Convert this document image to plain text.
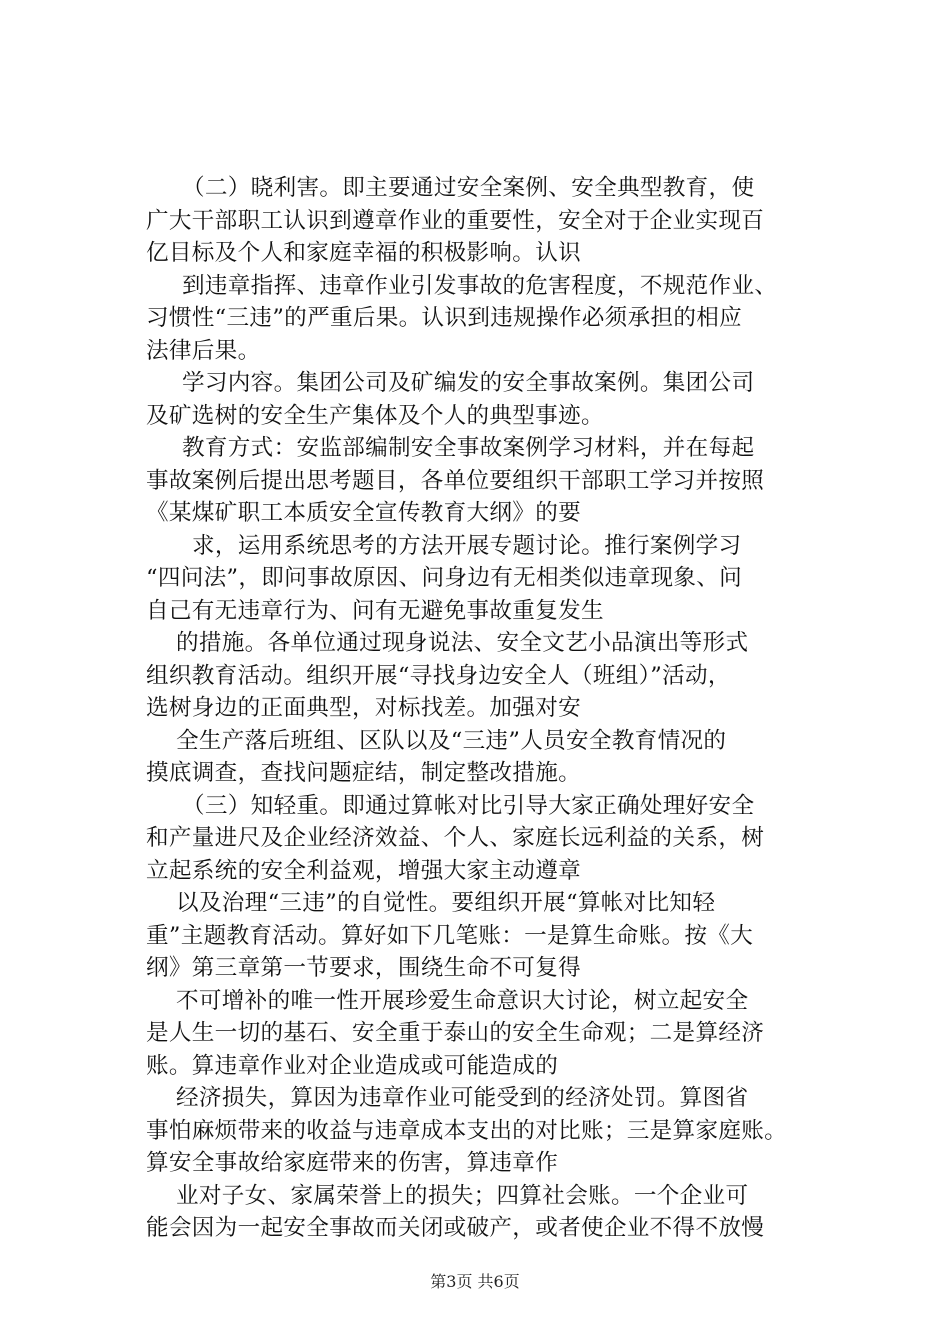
（二）晓利害。即主要通过安全案例、安全典型教育，使
广大干部职工认识到遵章作业的重要性，安全对于企业实现百
亿目标及个人和家庭幸福的积极影响。认识
到违章指挥、违章作业引发事故的危害程度，不规范作业、
习惯性“三违”的严重后果。认识到违规操作必须承担的相应
法律后果。
学习内容。集团公司及矿编发的安全事故案例。集团公司
及矿选树的安全生产集体及个人的典型事迹。
教育方式：安监部编制安全事故案例学习材料，并在每起
事故案例后提出思考题目，各单位要组织干部职工学习并按照
《某煤矿职工本质安全宣传教育大纲》的要
求，运用系统思考的方法开展专题讨论。推行案例学习
“四问法”，即问事故原因、问身边有无相类似违章现象、问
自己有无违章行为、问有无避免事故重复发生
的措施。各单位通过现身说法、安全文艺小品演出等形式
组织教育活动。组织开展“寻找身边安全人（班组）”活动，
选树身边的正面典型，对标找差。加强对安
全生产落后班组、区队以及“三违”人员安全教育情况的
摸底调查，查找问题症结，制定整改措施。
（三）知轻重。即通过算帐对比引导大家正确处理好安全
和产量进尺及企业经济效益、个人、家庭长远利益的关系，树
立起系统的安全利益观，增强大家主动遵章
以及治理“三违”的自觉性。要组织开展“算帐对比知轻
重”主题教育活动。算好如下几笔账：一是算生命账。按《大
纲》第三章第一节要求，围绕生命不可复得
不可增补的唯一性开展珍爱生命意识大讨论，树立起安全
是人生一切的基石、安全重于泰山的安全生命观；二是算经济
账。算违章作业对企业造成或可能造成的
经济损失，算因为违章作业可能受到的经济处罚。算图省
事怕麻烦带来的收益与违章成本支出的对比账；三是算家庭账。
算安全事故给家庭带来的伤害，算违章作
业对子女、家属荣誉上的损失；四算社会账。一个企业可
能会因为一起安全事故而关闭或破产，或者使企业不得不放慢
第3页 共6页
